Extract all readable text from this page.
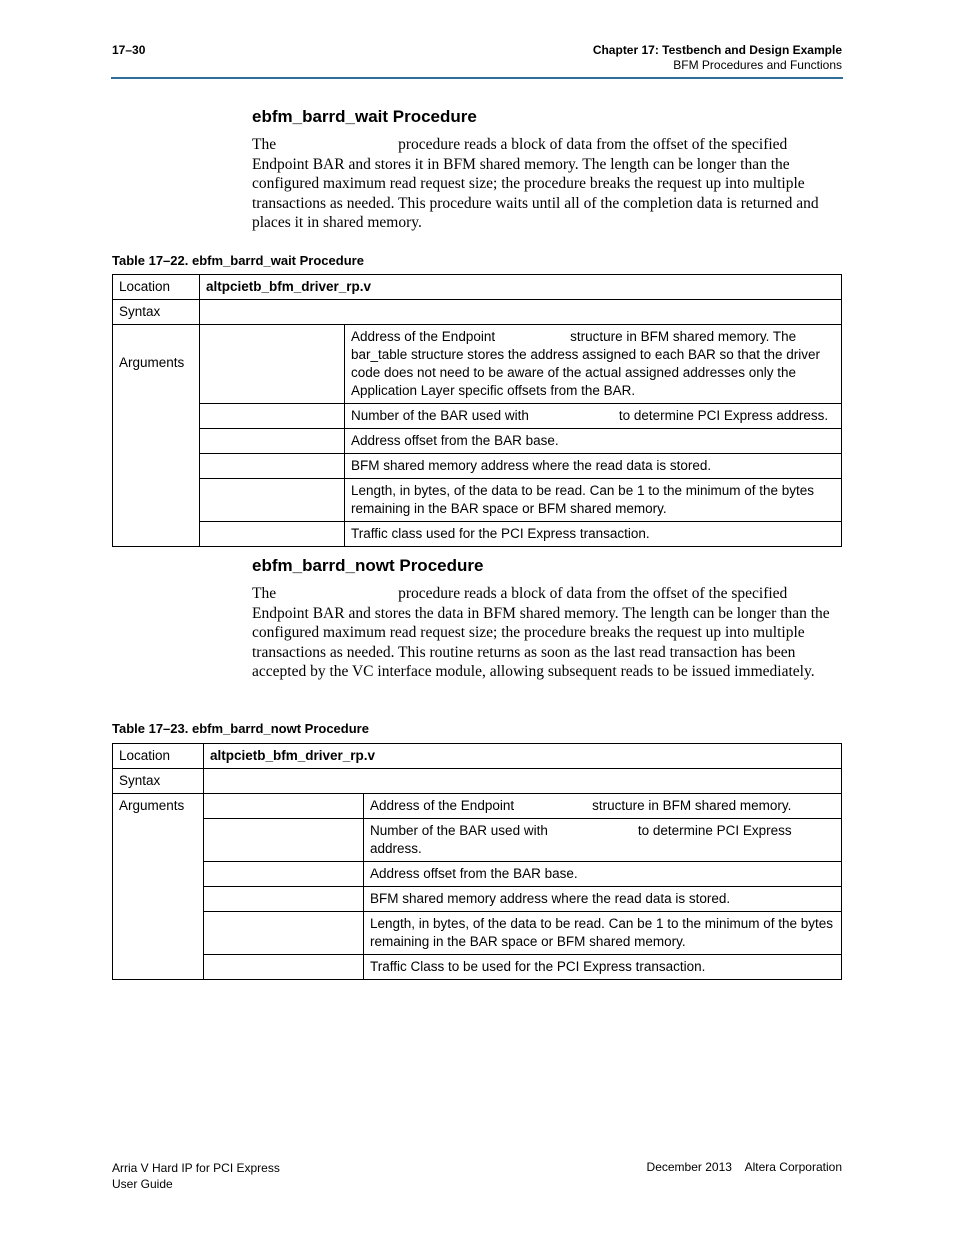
17–30	Chapter 17: Testbench and Design Example
BFM Procedures and Functions
ebfm_barrd_wait Procedure
The	procedure reads a block of data from the offset of the specified Endpoint BAR and stores it in BFM shared memory. The length can be longer than the configured maximum read request size; the procedure breaks the request up into multiple transactions as needed. This procedure waits until all of the completion data is returned and places it in shared memory.
Table 17–22. ebfm_barrd_wait Procedure
Location	altpcietb_bfm_driver_rp.v	
Syntax		

Arguments		Address of the Endpoint structure in BFM shared memory. The bar_table structure stores the address assigned to each BAR so that the driver code does not need to be aware of the actual assigned addresses only the Application Layer specific offsets from the BAR.
		Number of the BAR used with to determine PCI Express address.
		Address offset from the BAR base.
		BFM shared memory address where the read data is stored.
		Length, in bytes, of the data to be read. Can be 1 to the minimum of the bytes remaining in the BAR space or BFM shared memory.
		Traffic class used for the PCI Express transaction.
ebfm_barrd_nowt Procedure
The	procedure reads a block of data from the offset of the specified Endpoint BAR and stores the data in BFM shared memory. The length can be longer than the configured maximum read request size; the procedure breaks the request up into multiple transactions as needed. This routine returns as soon as the last read transaction has been accepted by the VC interface module, allowing subsequent reads to be issued immediately.
Table 17–23. ebfm_barrd_nowt Procedure
Location	altpcietb_bfm_driver_rp.v	
Syntax		
Arguments		Address of the Endpoint structure in BFM shared memory.
		Number of the BAR used with to determine PCI Express address.
		Address offset from the BAR base.
		BFM shared memory address where the read data is stored.
		Length, in bytes, of the data to be read. Can be 1 to the minimum of the bytes remaining in the BAR space or BFM shared memory.
		Traffic Class to be used for the PCI Express transaction.
Arria V Hard IP for PCI Express
User Guide
December 2013    Altera Corporation
